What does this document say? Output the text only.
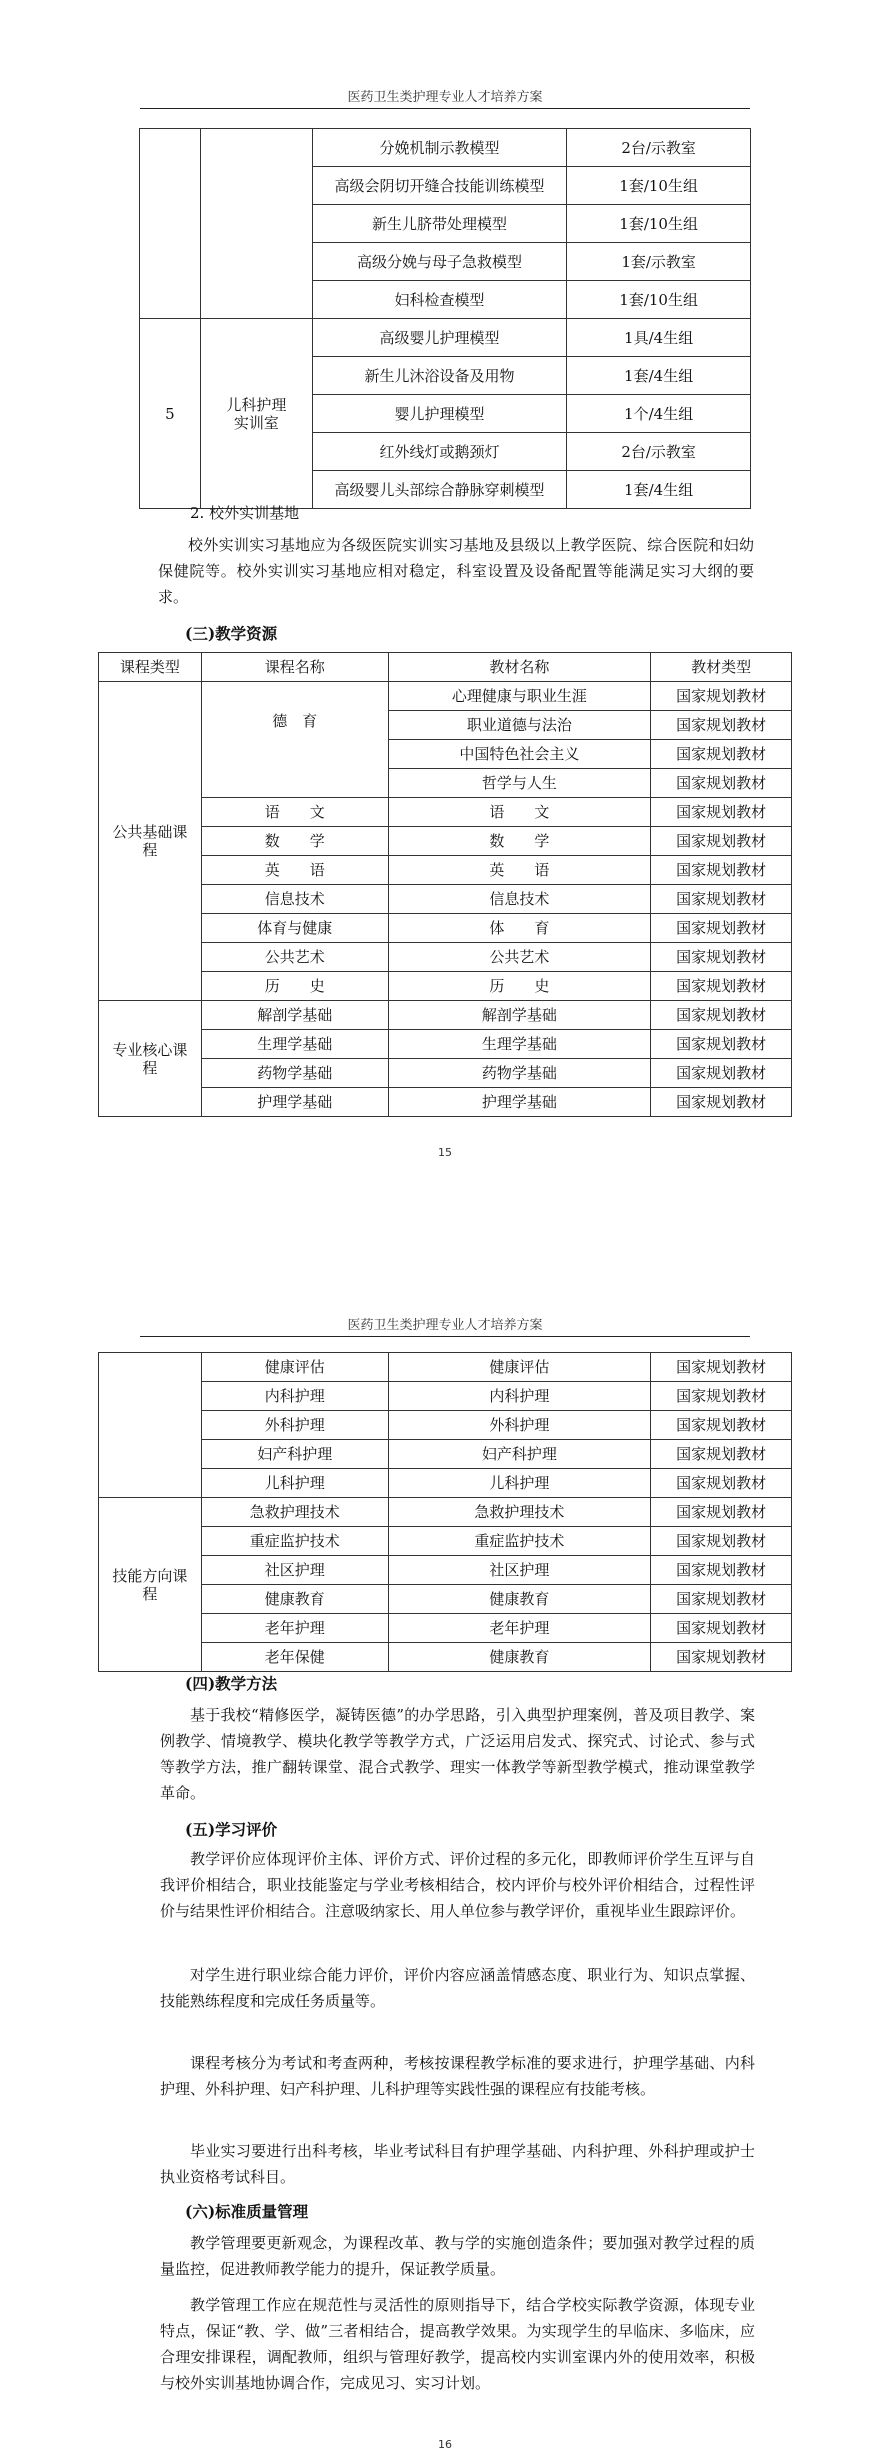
医药卫生类护理专业人才培养方案
		分娩机制示教模型	2台/示教室
		高级会阴切开缝合技能训练模型	1套/10生组
		新生儿脐带处理模型	1套/10生组
		高级分娩与母子急救模型	1套/示教室
		妇科检查模型	1套/10生组
5	儿科护理实训室	高级婴儿护理模型	1具/4生组
		新生儿沐浴设备及用物	1套/4生组
		婴儿护理模型	1个/4生组
		红外线灯或鹅颈灯	2台/示教室
		高级婴儿头部综合静脉穿刺模型	1套/4生组
2. 校外实训基地

校外实训实习基地应为各级医院实训实习基地及县级以上教学医院、综合医院和妇幼保健院等。校外实训实习基地应相对稳定，科室设置及设备配置等能满足实习大纲的要求。

(三)教学资源
课程类型	课程名称	教材名称	教材类型
公共基础课程	德　育	心理健康与职业生涯	国家规划教材
		职业道德与法治	国家规划教材
		中国特色社会主义	国家规划教材
		哲学与人生	国家规划教材
	语　　文	语　　文	国家规划教材
	数　　学	数　　学	国家规划教材
	英　　语	英　　语	国家规划教材
	信息技术	信息技术	国家规划教材
	体育与健康	体　　育	国家规划教材
	公共艺术	公共艺术	国家规划教材
	历　　史	历　　史	国家规划教材
专业核心课程	解剖学基础	解剖学基础	国家规划教材
	生理学基础	生理学基础	国家规划教材
	药物学基础	药物学基础	国家规划教材
	护理学基础	护理学基础	国家规划教材
15
医药卫生类护理专业人才培养方案
	健康评估	健康评估	国家规划教材
	内科护理	内科护理	国家规划教材
	外科护理	外科护理	国家规划教材
	妇产科护理	妇产科护理	国家规划教材
	儿科护理	儿科护理	国家规划教材
技能方向课程	急救护理技术	急救护理技术	国家规划教材
	重症监护技术	重症监护技术	国家规划教材
	社区护理	社区护理	国家规划教材
	健康教育	健康教育	国家规划教材
	老年护理	老年护理	国家规划教材
	老年保健	健康教育	国家规划教材
(四)教学方法

基于我校“精修医学，凝铸医德”的办学思路，引入典型护理案例，普及项目教学、案例教学、情境教学、模块化教学等教学方式，广泛运用启发式、探究式、讨论式、参与式等教学方法，推广翻转课堂、混合式教学、理实一体教学等新型教学模式，推动课堂教学革命。

(五)学习评价

教学评价应体现评价主体、评价方式、评价过程的多元化，即教师评价学生互评与自我评价相结合，职业技能鉴定与学业考核相结合，校内评价与校外评价相结合，过程性评价与结果性评价相结合。注意吸纳家长、用人单位参与教学评价，重视毕业生跟踪评价。

对学生进行职业综合能力评价，评价内容应涵盖情感态度、职业行为、知识点掌握、技能熟练程度和完成任务质量等。

课程考核分为考试和考查两种，考核按课程教学标准的要求进行，护理学基础、内科护理、外科护理、妇产科护理、儿科护理等实践性强的课程应有技能考核。

毕业实习要进行出科考核，毕业考试科目有护理学基础、内科护理、外科护理或护士执业资格考试科目。

(六)标准质量管理

教学管理要更新观念，为课程改革、教与学的实施创造条件；要加强对教学过程的质量监控，促进教师教学能力的提升，保证教学质量。

教学管理工作应在规范性与灵活性的原则指导下，结合学校实际教学资源，体现专业特点，保证“教、学、做”三者相结合，提高教学效果。为实现学生的早临床、多临床，应合理安排课程，调配教师，组织与管理好教学，提高校内实训室课内外的使用效率，积极与校外实训基地协调合作，完成见习、实习计划。

16
